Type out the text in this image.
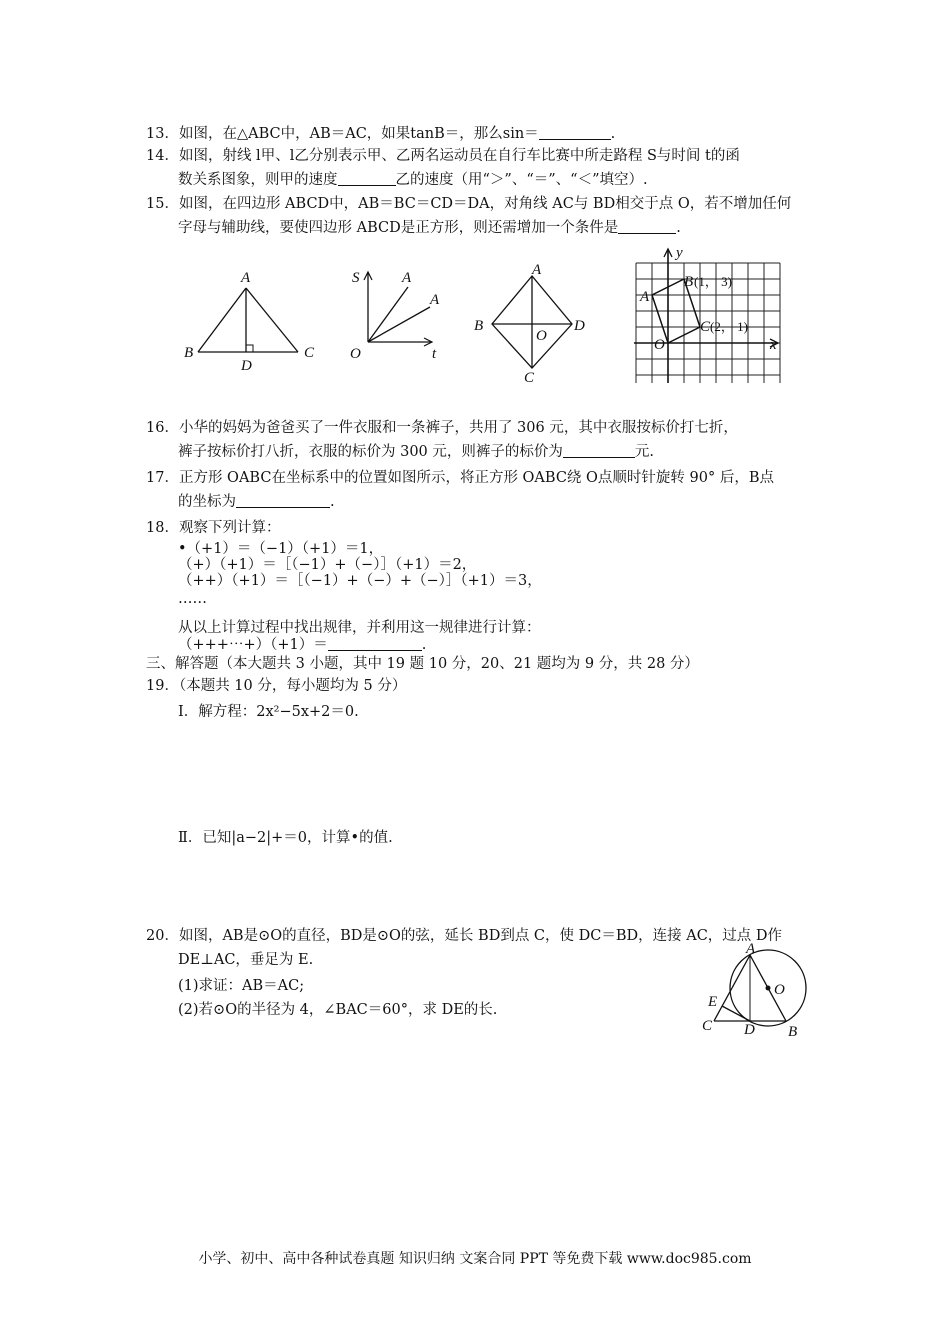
13．如图，在△ABC中，AB＝AC，如果tanB＝，那么sin＝	.
14．如图，射线 l甲、l乙分别表示甲、乙两名运动员在自行车比赛中所走路程 S与时间 t的函
数关系图象，则甲的速度	乙的速度（用“＞”、“＝”、“＜”填空）.
15．如图，在四边形 ABCD中，AB＝BC＝CD＝DA，对角线 AC与 BD相交于点 O，若不增加任何
字母与辅助线，要使四边形 ABCD是正方形，则还需增加一个条件是	.
A
B	C
D
S	A
A
O	t
A
B	D
O
C
y
x
O
A
B (1， 3)
C (2， 1)
16．小华的妈妈为爸爸买了一件衣服和一条裤子，共用了 306 元，其中衣服按标价打七折，
裤子按标价打八折，衣服的标价为 300 元，则裤子的标价为	元.
17．正方形 OABC在坐标系中的位置如图所示，将正方形 OABC绕 O点顺时针旋转 90° 后，B点
的坐标为	.
18．观察下列计算：
•（+1）＝（−1）（+1）＝1，
（+）（+1）＝［（−1）+（−）］（+1）＝2，
（++）（+1）＝［（−1）+（−）+（−）］（+1）＝3，
……
从以上计算过程中找出规律，并利用这一规律进行计算：
（+++⋯+）（+1）＝	.
三、解答题（本大题共 3 小题，其中 19 题 10 分，20、21 题均为 9 分，共 28 分）
19．（本题共 10 分，每小题均为 5 分）
Ⅰ．解方程：2x²−5x+2＝0.
Ⅱ．已知|a−2|+＝0，计算•的值.
20．如图，AB是⊙O的直径，BD是⊙O的弦，延长 BD到点 C，使 DC＝BD，连接 AC，过点 D作
DE⊥AC，垂足为 E.
(1)求证：AB＝AC;
(2)若⊙O的半径为 4，∠BAC＝60°，求 DE的长.
A
O
E
C D B
小学、初中、高中各种试卷真题 知识归纳 文案合同 PPT 等免费下载 www.doc985.com
